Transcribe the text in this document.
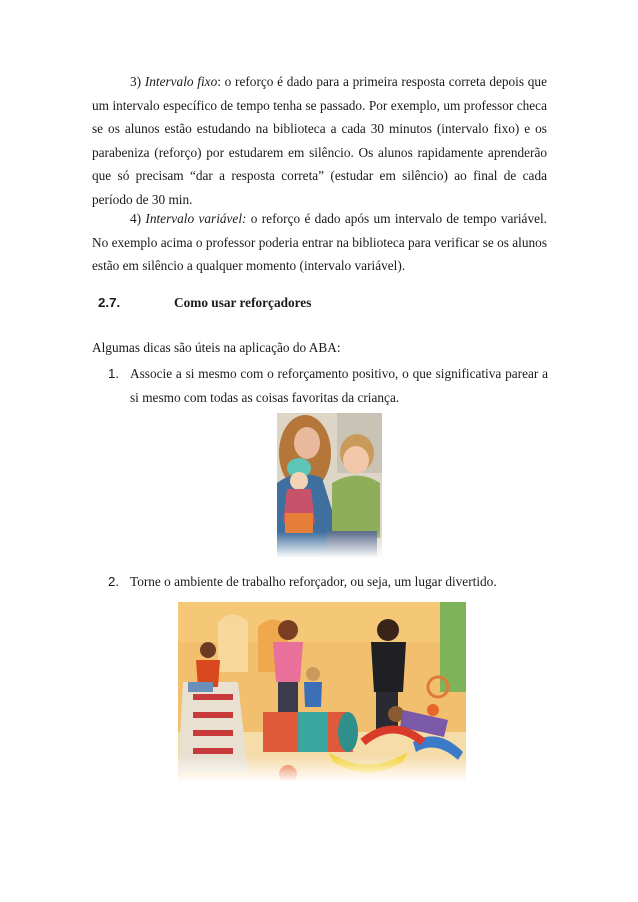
3) Intervalo fixo: o reforço é dado para a primeira resposta correta depois que um intervalo específico de tempo tenha se passado. Por exemplo, um professor checa se os alunos estão estudando na biblioteca a cada 30 minutos (intervalo fixo) e os parabeniza (reforço) por estudarem em silêncio. Os alunos rapidamente aprenderão que só precisam “dar a resposta correta” (estudar em silêncio) ao final de cada período de 30 min.

4) Intervalo variável: o reforço é dado após um intervalo de tempo variável. No exemplo acima o professor poderia entrar na biblioteca para verificar se os alunos estão em silêncio a qualquer momento (intervalo variável).

2.7.	Como usar reforçadores
Algumas dicas são úteis na aplicação do ABA:
1. Associe a si mesmo com o reforçamento positivo, o que significativa parear a si mesmo com todas as coisas favoritas da criança.
2. Torne o ambiente de trabalho reforçador, ou seja, um lugar divertido.
